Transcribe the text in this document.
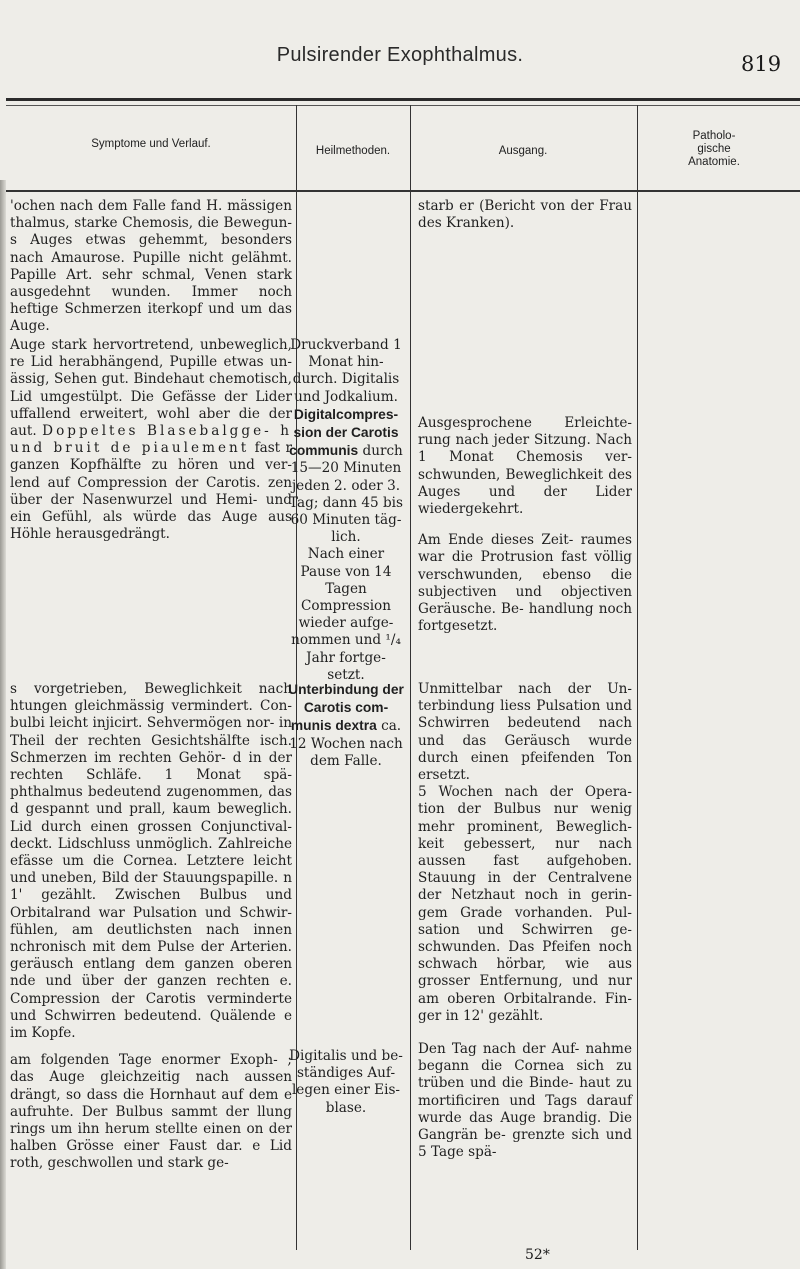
Pulsirender Exophthalmus.	819
Symptome und Verlauf.
Heilmethoden.	Ausgang.
Patholo-
gische
Anatomie.

'ochen nach dem Falle fand H. mässigen thalmus, starke Chemosis, die Bewegun- s Auges etwas gehemmt, besonders nach Amaurose. Pupille nicht gelähmt. Papille Art. sehr schmal, Venen stark ausgedehnt wunden. Immer noch heftige Schmerzen iterkopf und um das Auge.

starb er (Bericht von der Frau des Kranken).

Auge stark hervortretend, unbeweglich, re Lid herabhängend, Pupille etwas un- ässig, Sehen gut. Bindehaut chemotisch, Lid umgestülpt. Die Gefässe der Lider uffallend erweitert, wohl aber die der aut. Doppeltes Blasebalgge- h und bruit de piaulement fast r ganzen Kopfhälfte zu hören und ver- lend auf Compression der Carotis. zen über der Nasenwurzel und Hemi- und ein Gefühl, als würde das Auge aus Höhle herausgedrängt.

Druckverband 1 Monat hin- durch. Digitalis und Jodkalium. Digitalcompres- sion der Carotis communis durch 15—20 Minuten jeden 2. oder 3. Tag; dann 45 bis 60 Minuten täg- lich.

Nach einer Pause von 14 Tagen Compression wieder aufge- nommen und ¹/₄ Jahr fortge- setzt.

Ausgesprochene Erleichte- rung nach jeder Sitzung. Nach 1 Monat Chemosis ver- schwunden, Beweglichkeit des Auges und der Lider wiedergekehrt.

Am Ende dieses Zeit- raumes war die Protrusion fast völlig verschwunden, ebenso die subjectiven und objectiven Geräusche. Be- handlung noch fortgesetzt.

s vorgetrieben, Beweglichkeit nach htungen gleichmässig vermindert. Con- bulbi leicht injicirt. Sehvermögen nor- in Theil der rechten Gesichtshälfte isch. Schmerzen im rechten Gehör- d in der rechten Schläfe. 1 Monat spä- phthalmus bedeutend zugenommen, das d gespannt und prall, kaum beweglich. Lid durch einen grossen Conjunctival- deckt. Lidschluss unmöglich. Zahlreiche efässe um die Cornea. Letztere leicht und uneben, Bild der Stauungspapille. n 1' gezählt. Zwischen Bulbus und Orbitalrand war Pulsation und Schwir- fühlen, am deutlichsten nach innen nchronisch mit dem Pulse der Arterien. geräusch entlang dem ganzen oberen nde und über der ganzen rechten e. Compression der Carotis verminderte und Schwirren bedeutend. Quälende e im Kopfe.

am folgenden Tage enormer Exoph- ; das Auge gleichzeitig nach aussen drängt, so dass die Hornhaut auf dem e aufruhte. Der Bulbus sammt der llung rings um ihn herum stellte einen on der halben Grösse einer Faust dar. e Lid roth, geschwollen und stark ge-

Unterbindung der Carotis com- munis dextra ca. 12 Wochen nach dem Falle.

Digitalis und be- ständiges Auf- legen einer Eis- blase.

Unmittelbar nach der Un- terbindung liess Pulsation und Schwirren bedeutend nach und das Geräusch wurde durch einen pfeifenden Ton ersetzt.

5 Wochen nach der Opera- tion der Bulbus nur wenig mehr prominent, Beweglich- keit gebessert, nur nach aussen fast aufgehoben. Stauung in der Centralvene der Netzhaut noch in gerin- gem Grade vorhanden. Pul- sation und Schwirren ge- schwunden. Das Pfeifen noch schwach hörbar, wie aus grosser Entfernung, und nur am oberen Orbitalrande. Fin- ger in 12' gezählt.

Den Tag nach der Auf- nahme begann die Cornea sich zu trüben und die Binde- haut zu mortificiren und Tags darauf wurde das Auge brandig. Die Gangrän be- grenzte sich und 5 Tage spä-

52*
